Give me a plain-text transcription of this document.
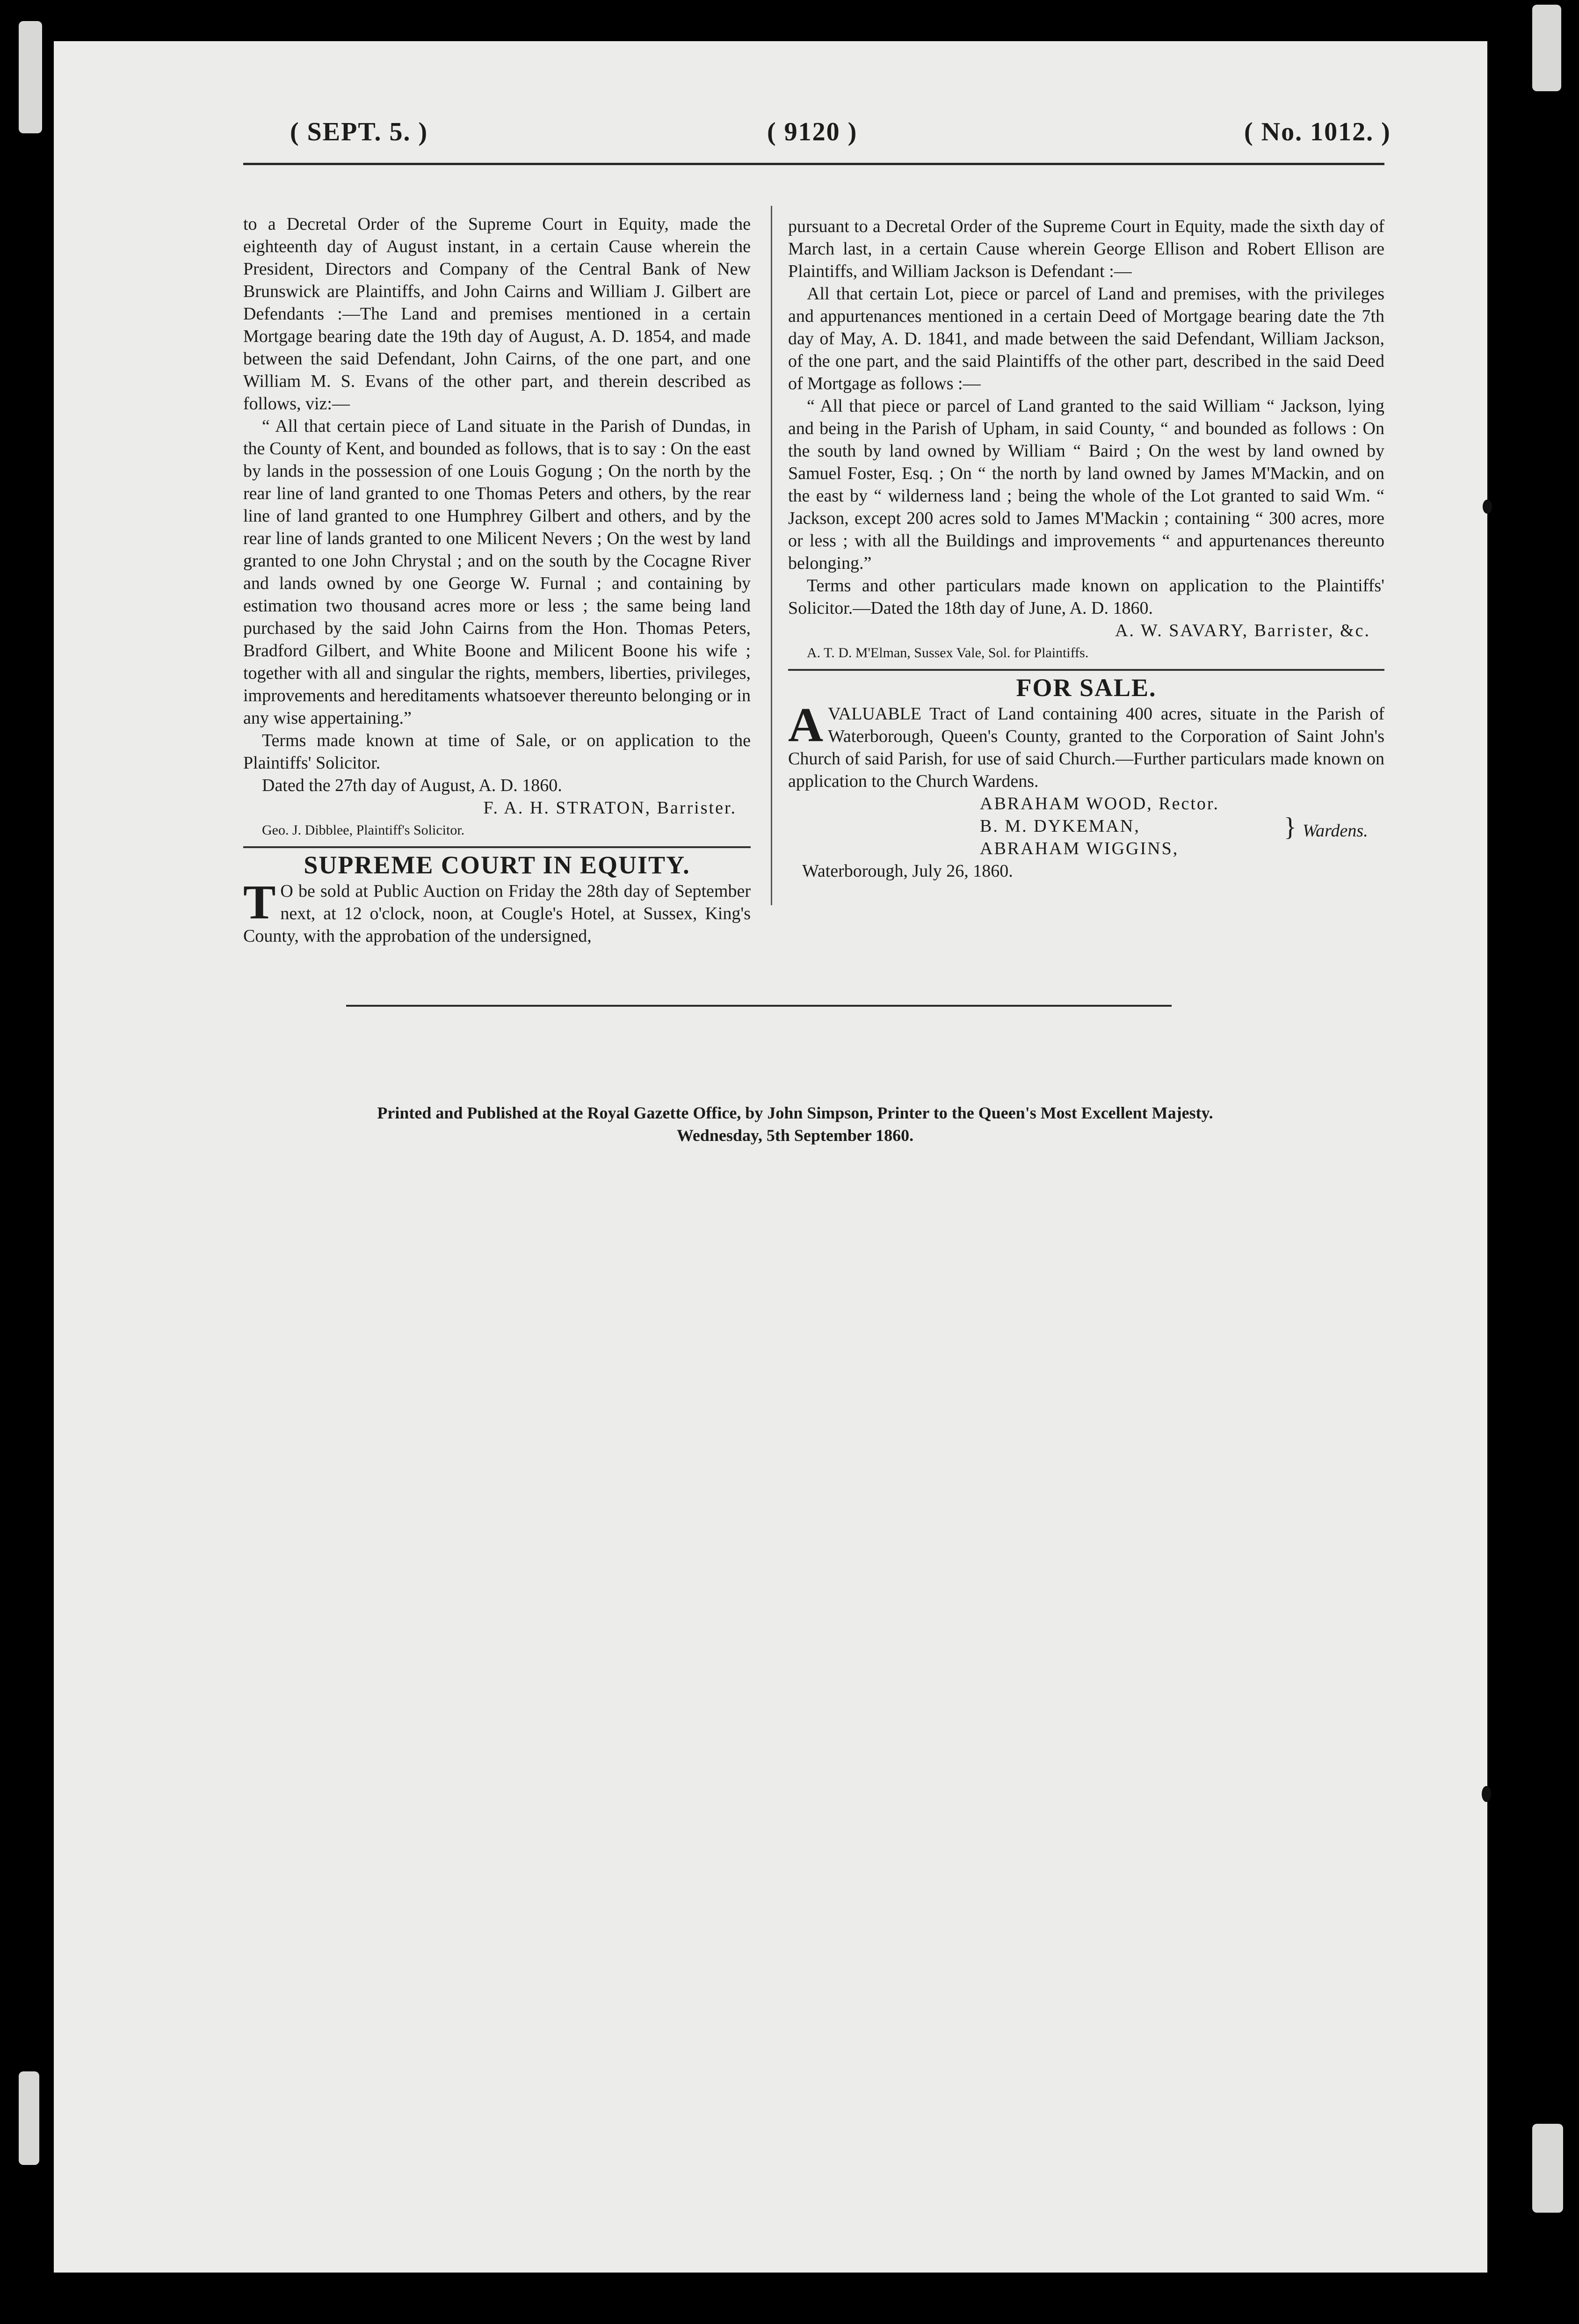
( SEPT. 5. )	( 9120 )	( No. 1012. )

to a Decretal Order of the Supreme Court in Equity, made the eighteenth day of August instant, in a certain Cause wherein the President, Directors and Company of the Central Bank of New Brunswick are Plaintiffs, and John Cairns and William J. Gilbert are Defendants :—The Land and premises mentioned in a certain Mortgage bearing date the 19th day of August, A. D. 1854, and made between the said Defendant, John Cairns, of the one part, and one William M. S. Evans of the other part, and therein described as follows, viz:—

“ All that certain piece of Land situate in the Parish of Dundas, in the County of Kent, and bounded as follows, that is to say : On the east by lands in the possession of one Louis Gogung ; On the north by the rear line of land granted to one Thomas Peters and others, by the rear line of land granted to one Humphrey Gilbert and others, and by the rear line of lands granted to one Milicent Nevers ; On the west by land granted to one John Chrystal ; and on the south by the Cocagne River and lands owned by one George W. Furnal ; and containing by estimation two thousand acres more or less ; the same being land purchased by the said John Cairns from the Hon. Thomas Peters, Bradford Gilbert, and White Boone and Milicent Boone his wife ; together with all and singular the rights, members, liberties, privileges, improvements and hereditaments whatsoever thereunto belonging or in any wise appertaining.”

Terms made known at time of Sale, or on application to the Plaintiffs' Solicitor.

Dated the 27th day of August, A. D. 1860.

F. A. H. STRATON, Barrister.

Geo. J. Dibblee, Plaintiff's Solicitor.

SUPREME COURT IN EQUITY.

T O be sold at Public Auction on Friday the 28th day of September next, at 12 o'clock, noon, at Cougle's Hotel, at Sussex, King's County, with the approbation of the undersigned,

pursuant to a Decretal Order of the Supreme Court in Equity, made the sixth day of March last, in a certain Cause wherein George Ellison and Robert Ellison are Plaintiffs, and William Jackson is Defendant :—

All that certain Lot, piece or parcel of Land and premises, with the privileges and appurtenances mentioned in a certain Deed of Mortgage bearing date the 7th day of May, A. D. 1841, and made between the said Defendant, William Jackson, of the one part, and the said Plaintiffs of the other part, described in the said Deed of Mortgage as follows :—

“ All that piece or parcel of Land granted to the said William “ Jackson, lying and being in the Parish of Upham, in said County, “ and bounded as follows : On the south by land owned by William “ Baird ; On the west by land owned by Samuel Foster, Esq. ; On “ the north by land owned by James M'Mackin, and on the east by “ wilderness land ; being the whole of the Lot granted to said Wm. “ Jackson, except 200 acres sold to James M'Mackin ; containing “ 300 acres, more or less ; with all the Buildings and improvements “ and appurtenances thereunto belonging.”

Terms and other particulars made known on application to the Plaintiffs' Solicitor.—Dated the 18th day of June, A. D. 1860.

A. W. SAVARY, Barrister, &c.

A. T. D. M'Elman, Sussex Vale, Sol. for Plaintiffs.

FOR SALE.

AVALUABLE Tract of Land containing 400 acres, situate in the Parish of Waterborough, Queen's County, granted to the Corporation of Saint John's Church of said Parish, for use of said Church.—Further particulars made known on application to the Church Wardens.

ABRAHAM WOOD, Rector.

B. M. DYKEMAN,

ABRAHAM WIGGINS,

} Wardens.

Waterborough, July 26, 1860.

Printed and Published at the Royal Gazette Office, by John Simpson, Printer to the Queen's Most Excellent Majesty.
Wednesday, 5th September 1860.
